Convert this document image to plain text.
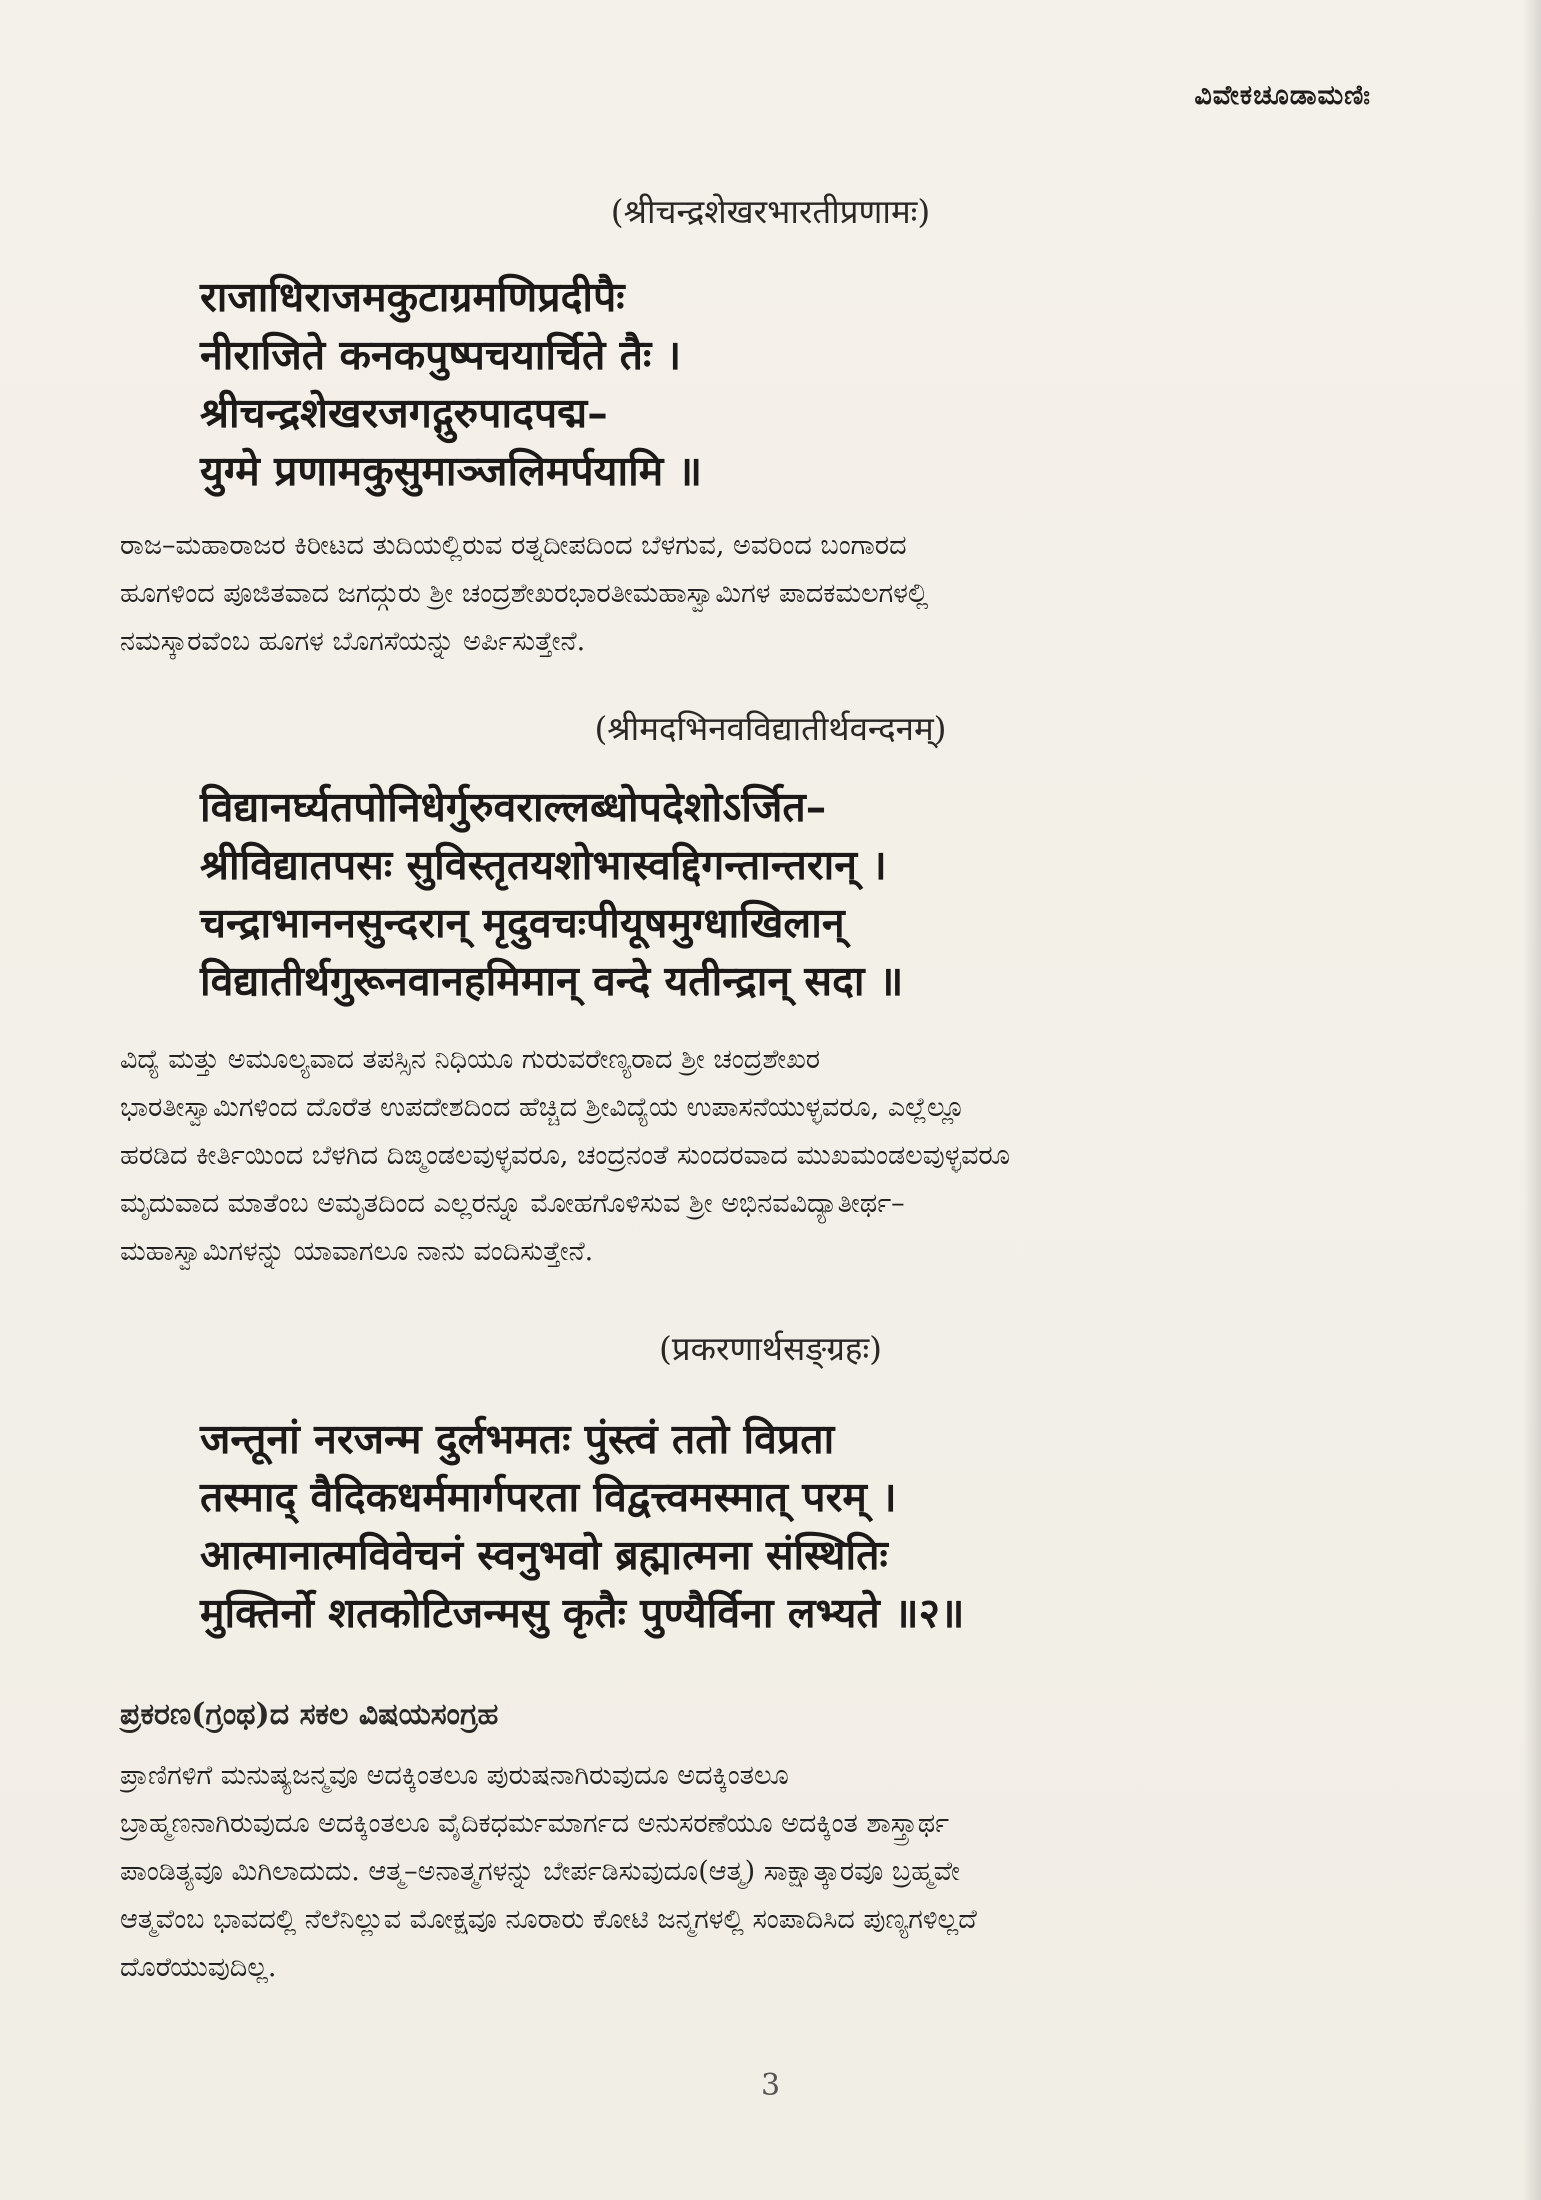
ವಿವೇಕಚೂಡಾಮಣಿಃ
(श्रीचन्द्रशेखरभारतीप्रणामः)
राजाधिराजमकुटाग्रमणिप्रदीपैः
नीराजिते कनकपुष्पचयार्चिते तैः ।
श्रीचन्द्रशेखरजगद्गुरुपादपद्म–
युग्मे प्रणामकुसुमाञ्जलिमर्पयामि ॥
ರಾಜ–ಮಹಾರಾಜರ ಕಿರೀಟದ ತುದಿಯಲ್ಲಿರುವ ರತ್ನದೀಪದಿಂದ ಬೆಳಗುವ, ಅವರಿಂದ ಬಂಗಾರದ
ಹೂಗಳಿಂದ ಪೂಜಿತವಾದ ಜಗದ್ಗುರು ಶ್ರೀ ಚಂದ್ರಶೇಖರಭಾರತೀಮಹಾಸ್ವಾಮಿಗಳ ಪಾದಕಮಲಗಳಲ್ಲಿ
ನಮಸ್ಕಾರವೆಂಬ ಹೂಗಳ ಬೊಗಸೆಯನ್ನು ಅರ್ಪಿಸುತ್ತೇನೆ.
(श्रीमदभिनवविद्यातीर्थवन्दनम्)
विद्यानर्घ्यतपोनिधेर्गुरुवराल्लब्धोपदेशोऽर्जित–
श्रीविद्यातपसः सुविस्तृतयशोभास्वद्दिगन्तान्तरान् ।
चन्द्राभाननसुन्दरान् मृदुवचःपीयूषमुग्धाखिलान्
विद्यातीर्थगुरूनवानहमिमान् वन्दे यतीन्द्रान् सदा ॥
ವಿದ್ಯೆ ಮತ್ತು ಅಮೂಲ್ಯವಾದ ತಪಸ್ಸಿನ ನಿಧಿಯೂ ಗುರುವರೇಣ್ಯರಾದ ಶ್ರೀ ಚಂದ್ರಶೇಖರ
ಭಾರತೀಸ್ವಾಮಿಗಳಿಂದ ದೊರೆತ ಉಪದೇಶದಿಂದ ಹೆಚ್ಚಿದ ಶ್ರೀವಿದ್ಯೆಯ ಉಪಾಸನೆಯುಳ್ಳವರೂ, ಎಲ್ಲೆಲ್ಲೂ
ಹರಡಿದ ಕೀರ್ತಿಯಿಂದ ಬೆಳಗಿದ ದಿಙ್ಮಂಡಲವುಳ್ಳವರೂ, ಚಂದ್ರನಂತೆ ಸುಂದರವಾದ ಮುಖಮಂಡಲವುಳ್ಳವರೂ
ಮೃದುವಾದ ಮಾತೆಂಬ ಅಮೃತದಿಂದ ಎಲ್ಲರನ್ನೂ ಮೋಹಗೊಳಿಸುವ ಶ್ರೀ ಅಭಿನವವಿದ್ಯಾತೀರ್ಥ–
ಮಹಾಸ್ವಾಮಿಗಳನ್ನು ಯಾವಾಗಲೂ ನಾನು ವಂದಿಸುತ್ತೇನೆ.
(प्रकरणार्थसङ्ग्रहः)
जन्तूनां नरजन्म दुर्लभमतः पुंस्त्वं ततो विप्रता
तस्माद् वैदिकधर्ममार्गपरता विद्वत्त्वमस्मात् परम् ।
आत्मानात्मविवेचनं स्वनुभवो ब्रह्मात्मना संस्थितिः
मुक्तिर्नो शतकोटिजन्मसु कृतैः पुण्यैर्विना लभ्यते ॥२॥
ಪ್ರಕರಣ(ಗ್ರಂಥ)ದ ಸಕಲ ವಿಷಯಸಂಗ್ರಹ
ಪ್ರಾಣಿಗಳಿಗೆ ಮನುಷ್ಯಜನ್ಮವೂ ಅದಕ್ಕಿಂತಲೂ ಪುರುಷನಾಗಿರುವುದೂ ಅದಕ್ಕಿಂತಲೂ
ಬ್ರಾಹ್ಮಣನಾಗಿರುವುದೂ ಅದಕ್ಕಿಂತಲೂ ವೈದಿಕಧರ್ಮಮಾರ್ಗದ ಅನುಸರಣೆಯೂ ಅದಕ್ಕಿಂತ ಶಾಸ್ತ್ರಾರ್ಥ
ಪಾಂಡಿತ್ಯವೂ ಮಿಗಿಲಾದುದು. ಆತ್ಮ–ಅನಾತ್ಮಗಳನ್ನು ಬೇರ್ಪಡಿಸುವುದೂ(ಆತ್ಮ) ಸಾಕ್ಷಾತ್ಕಾರವೂ ಬ್ರಹ್ಮವೇ
ಆತ್ಮವೆಂಬ ಭಾವದಲ್ಲಿ ನೆಲೆನಿಲ್ಲುವ ಮೋಕ್ಷವೂ ನೂರಾರು ಕೋಟಿ ಜನ್ಮಗಳಲ್ಲಿ ಸಂಪಾದಿಸಿದ ಪುಣ್ಯಗಳಿಲ್ಲದೆ
ದೊರೆಯುವುದಿಲ್ಲ.
3
